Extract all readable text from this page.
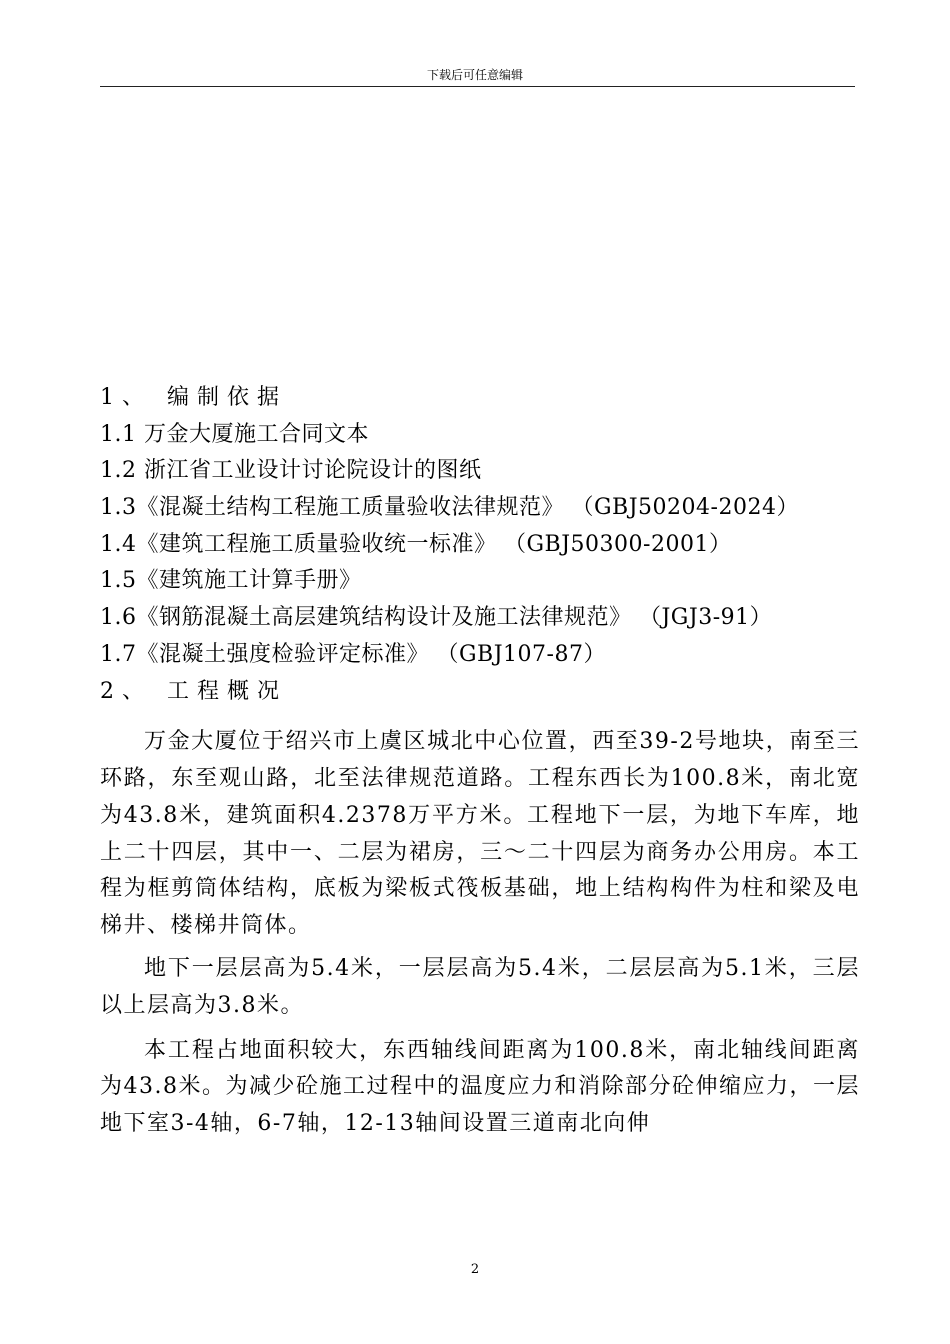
下载后可任意编辑
1、 编制依据
1.1 万金大厦施工合同文本
1.2 浙江省工业设计讨论院设计的图纸
1.3《混凝土结构工程施工质量验收法律规范》 （GBJ50204-2024）
1.4《建筑工程施工质量验收统一标准》 （GBJ50300-2001）
1.5《建筑施工计算手册》
1.6《钢筋混凝土高层建筑结构设计及施工法律规范》 （JGJ3-91）
1.7《混凝土强度检验评定标准》 （GBJ107-87）
2、 工程概况
万金大厦位于绍兴市上虞区城北中心位置，西至39-2号地块，南至三环路，东至观山路，北至法律规范道路。工程东西长为100.8米，南北宽为43.8米，建筑面积4.2378万平方米。工程地下一层，为地下车库，地上二十四层，其中一、二层为裙房，三～二十四层为商务办公用房。本工程为框剪筒体结构，底板为梁板式筏板基础，地上结构构件为柱和梁及电梯井、楼梯井筒体。
地下一层层高为5.4米，一层层高为5.4米，二层层高为5.1米，三层以上层高为3.8米。
本工程占地面积较大，东西轴线间距离为100.8米，南北轴线间距离为43.8米。为减少砼施工过程中的温度应力和消除部分砼伸缩应力，一层地下室3-4轴，6-7轴，12-13轴间设置三道南北向伸
2
